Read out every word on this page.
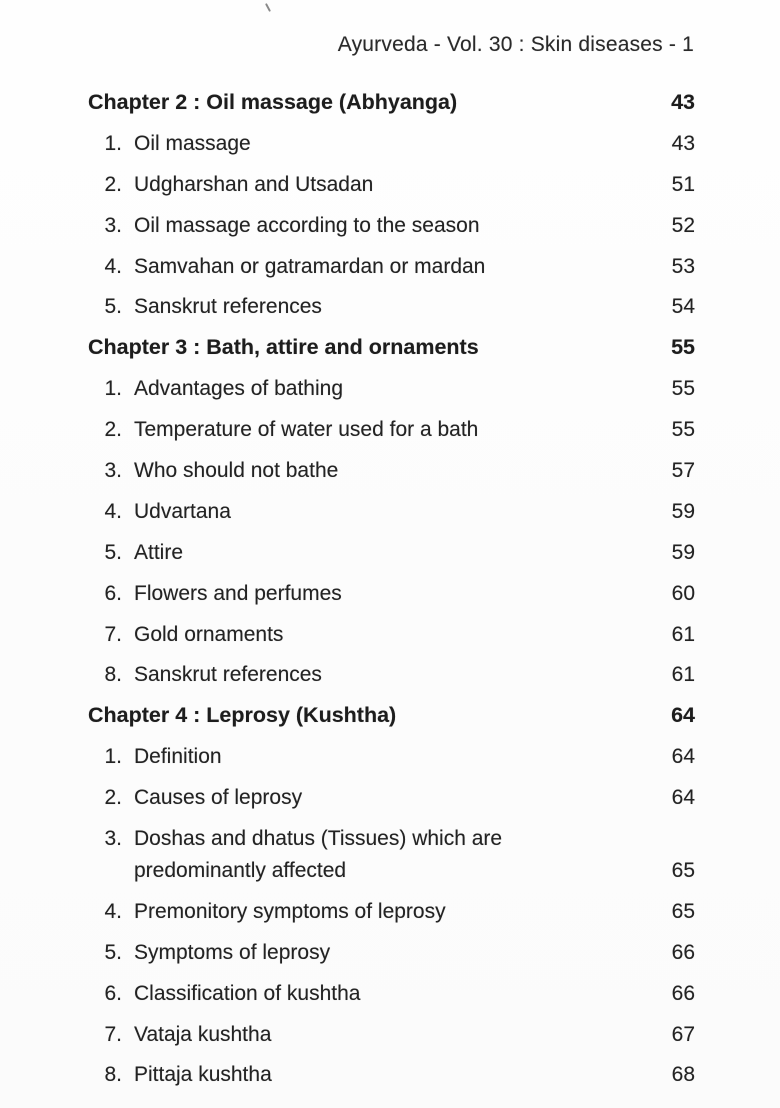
Ayurveda - Vol. 30 : Skin diseases - 1
Chapter 2 : Oil massage (Abhyanga)	43
1. Oil massage	43
2. Udgharshan and Utsadan	51
3. Oil massage according to the season	52
4. Samvahan or gatramardan or mardan	53
5. Sanskrut references	54
Chapter 3 : Bath, attire and ornaments	55
1. Advantages of bathing	55
2. Temperature of water used for a bath	55
3. Who should not bathe	57
4. Udvartana	59
5. Attire	59
6. Flowers and perfumes	60
7. Gold ornaments	61
8. Sanskrut references	61
Chapter 4 : Leprosy (Kushtha)	64
1. Definition	64
2. Causes of leprosy	64
3. Doshas and dhatus (Tissues) which are
predominantly affected	65
4. Premonitory symptoms of leprosy	65
5. Symptoms of leprosy	66
6. Classification of kushtha	66
7. Vataja kushtha	67
8. Pittaja kushtha	68
